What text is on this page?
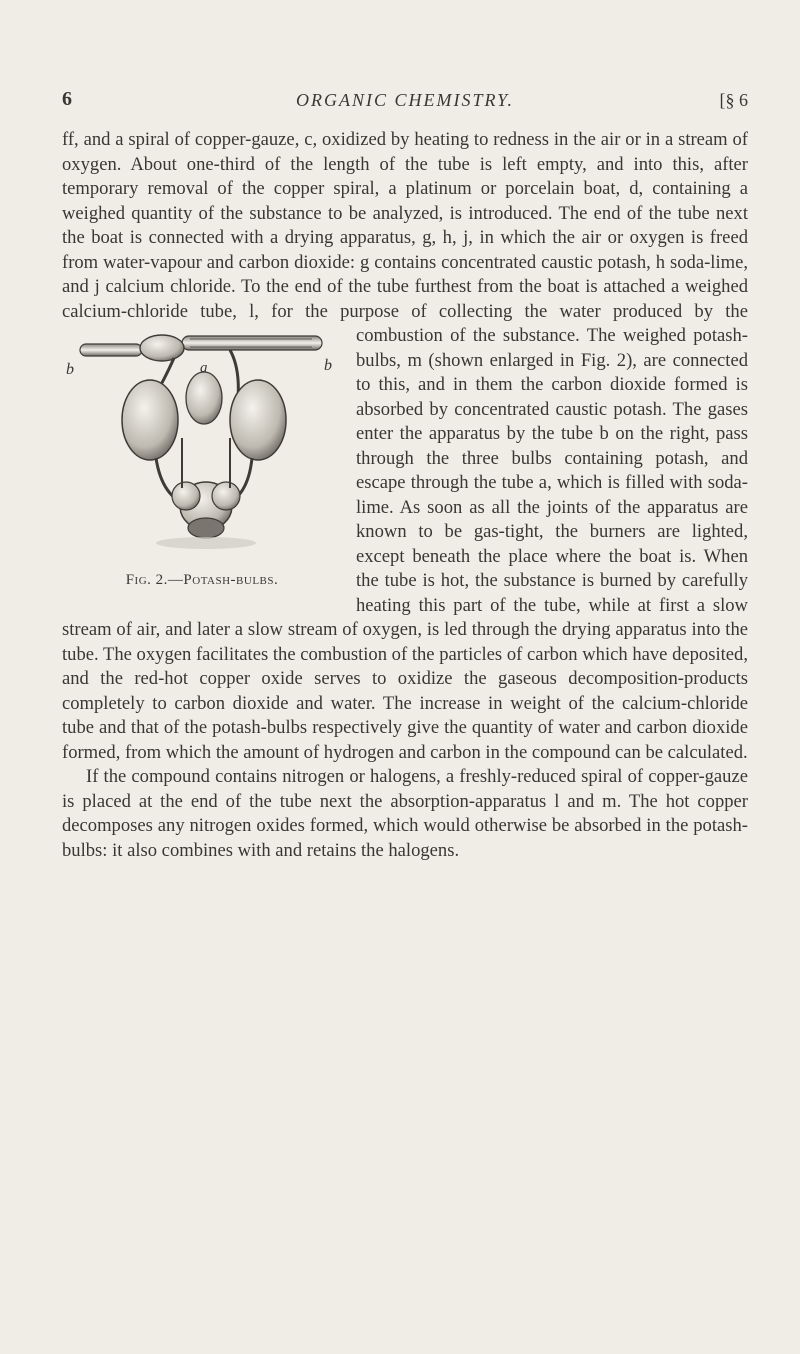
6	ORGANIC CHEMISTRY.	[§ 6

ff, and a spiral of copper-gauze, c, oxidized by heating to redness in the air or in a stream of oxygen. About one-third of the length of the tube is left empty, and into this, after temporary removal of the copper spiral, a platinum or porcelain boat, d, containing a weighed quantity of the substance to be analyzed, is introduced. The end of the tube next the boat is connected with a drying apparatus, g, h, j, in which the air or oxygen is freed from water-vapour and carbon dioxide: g contains concentrated caustic potash, h soda-lime, and j calcium chloride. To the end of the tube furthest from the boat is attached a weighed calcium-chloride tube, l, for the purpose of collecting the water produced by the combustion
b	a	b
Fig. 2.—Potash-bulbs.
of the substance. The weighed potash-bulbs, m (shown enlarged in Fig. 2), are connected to this, and in them the carbon dioxide formed is absorbed by concentrated caustic potash. The gases enter the apparatus by the tube b on the right, pass through the three bulbs containing potash, and escape through the tube a, which is filled with soda-lime. As soon as all the joints of the apparatus are known to be gas-tight, the burners are lighted, except beneath the place where the boat is. When the tube is hot, the substance is burned by carefully heating this part of the tube, while at first a slow stream of air, and later a slow stream of oxygen, is led through the drying apparatus into the tube. The oxygen facilitates the combustion of the particles of carbon which have deposited, and the red-hot copper oxide serves to oxidize the gaseous decomposition-products completely to carbon dioxide and water. The increase in weight of the calcium-chloride tube and that of the potash-bulbs respectively give the quantity of water and carbon dioxide formed, from which the amount of hydrogen and carbon in the compound can be calculated.

If the compound contains nitrogen or halogens, a freshly-reduced spiral of copper-gauze is placed at the end of the tube next the absorption-apparatus l and m. The hot copper decomposes any nitrogen oxides formed, which would otherwise be absorbed in the potash-bulbs: it also combines with and retains the halogens.
